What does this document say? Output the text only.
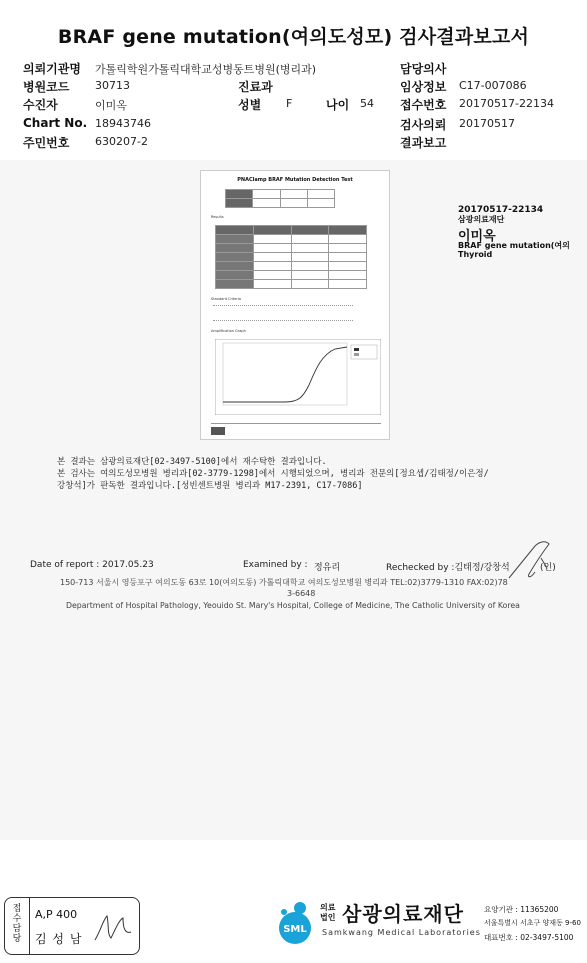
BRAF gene mutation(여의도성모) 검사결과보고서
의뢰기관명 가톨릭학원가톨릭대학교성병동트병원(병리과)	담당의사
병원코드 30713	진료과	임상정보 C17-007086
수진자	이미옥	성별 F	나이 54 접수번호 20170517-22134
Chart No. 18943746	검사의뢰 20170517
주민번호 630207-2	결과보고
PNAClamp BRAF Mutation Detection Test

Results

Standard Criteria
Amplification Graph
20170517-22134
삼광의료재단
이미옥
BRAF gene mutation(여의
Thyroid
본 결과는 삼광의료재단[02-3497-5100]에서 재수탁한 결과입니다.
본 검사는 여의도성모병원 병리과[02-3779-1298]에서 시행되었으며, 병리과 전문의[정요셉/김태정/이은정/
강창석]가 판독한 결과입니다.[성빈센트병원 병리과 M17-2391, C17-7086]
Date of report : 2017.05.23	Examined by : 정유리	Rechecked by :김태정/강창석	(인)
150-713 서울시 영등포구 여의도동 63로 10(여의도동) 가톨릭대학교 여의도성모병원 병리과 TEL:02)3779-1310 FAX:02)78
3-6648
Department of Hospital Pathology, Yeouido St. Mary's Hospital, College of Medicine, The Catholic University of Korea
접수담당
A,P 400
김 성 남
SML
의료
법인 삼광의료재단
Samkwang Medical Laboratories
요양기관 : 11365200
서울특별시 서초구 양재동 9-60
대표번호 : 02-3497-5100
